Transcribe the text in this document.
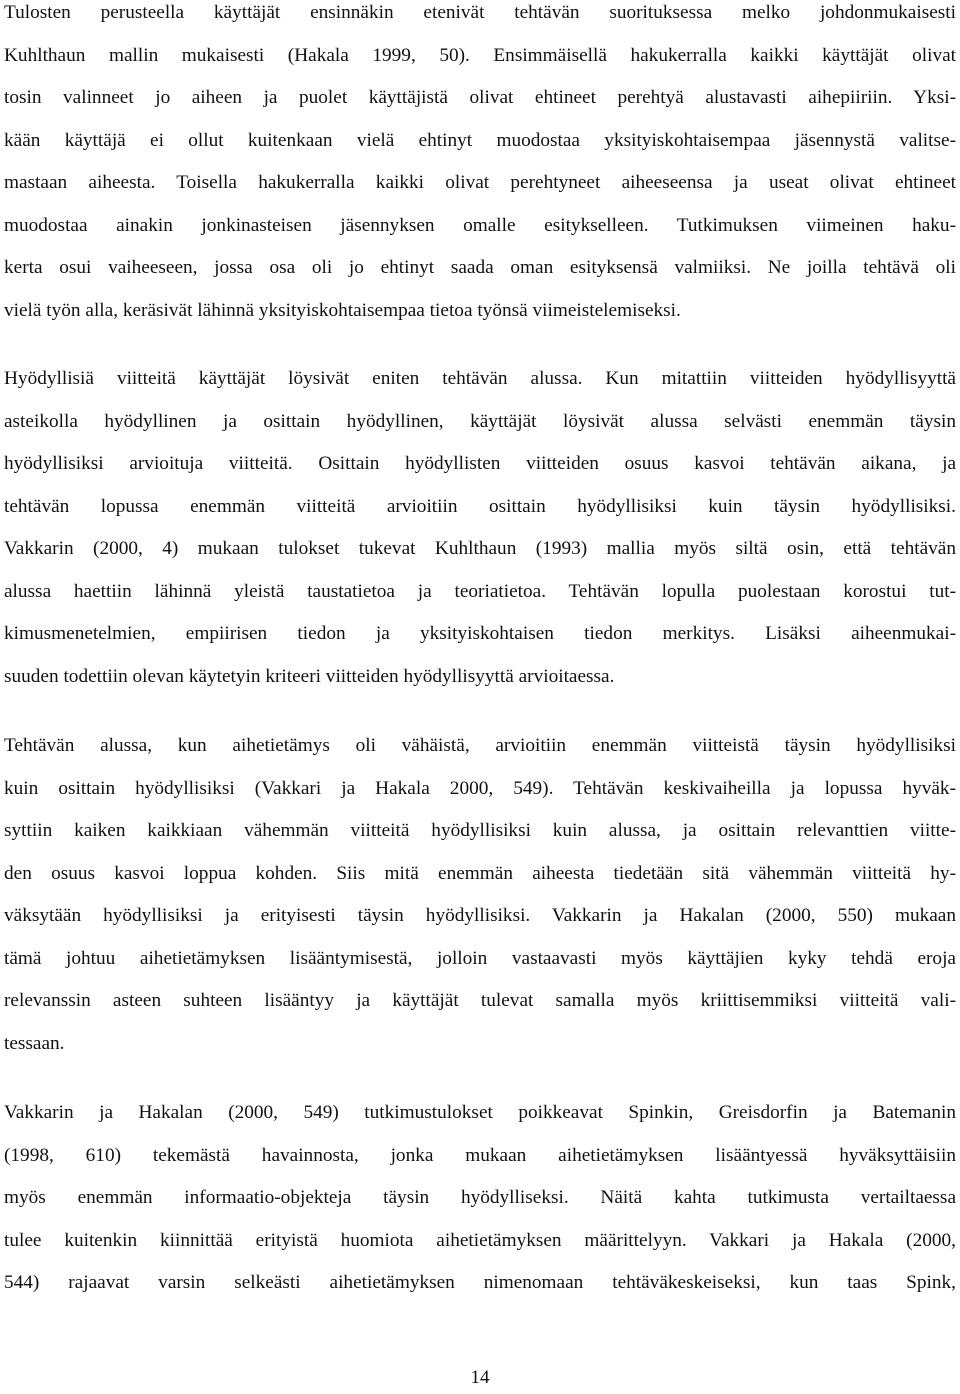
Tulosten perusteella käyttäjät ensinnäkin etenivät tehtävän suorituksessa melko johdonmukaisesti
Kuhlthaun mallin mukaisesti (Hakala 1999, 50). Ensimmäisellä hakukerralla kaikki käyttäjät olivat
tosin valinneet jo aiheen ja puolet käyttäjistä olivat ehtineet perehtyä alustavasti aihepiiriin. Yksi-
kään käyttäjä ei ollut kuitenkaan vielä ehtinyt muodostaa yksityiskohtaisempaa jäsennystä valitse-
mastaan aiheesta. Toisella hakukerralla kaikki olivat perehtyneet aiheeseensa ja useat olivat ehtineet
muodostaa ainakin jonkinasteisen jäsennyksen omalle esitykselleen. Tutkimuksen viimeinen haku-
kerta osui vaiheeseen, jossa osa oli jo ehtinyt saada oman esityksensä valmiiksi. Ne joilla tehtävä oli
vielä työn alla, keräsivät lähinnä yksityiskohtaisempaa tietoa työnsä viimeistelemiseksi.
Hyödyllisiä viitteitä käyttäjät löysivät eniten tehtävän alussa. Kun mitattiin viitteiden hyödyllisyyttä
asteikolla hyödyllinen ja osittain hyödyllinen, käyttäjät löysivät alussa selvästi enemmän täysin
hyödyllisiksi arvioituja viitteitä. Osittain hyödyllisten viitteiden osuus kasvoi tehtävän aikana, ja
tehtävän lopussa enemmän viitteitä arvioitiin osittain hyödyllisiksi kuin täysin hyödyllisiksi.
Vakkarin (2000, 4) mukaan tulokset tukevat Kuhlthaun (1993) mallia myös siltä osin, että tehtävän
alussa haettiin lähinnä yleistä taustatietoa ja teoriatietoa. Tehtävän lopulla puolestaan korostui tut-
kimusmenetelmien, empiirisen tiedon ja yksityiskohtaisen tiedon merkitys. Lisäksi aiheenmukai-
suuden todettiin olevan käytetyin kriteeri viitteiden hyödyllisyyttä arvioitaessa.
Tehtävän alussa, kun aihetietämys oli vähäistä, arvioitiin enemmän viitteistä täysin hyödyllisiksi
kuin osittain hyödyllisiksi (Vakkari ja Hakala 2000, 549). Tehtävän keskivaiheilla ja lopussa hyväk-
syttiin kaiken kaikkiaan vähemmän viitteitä hyödyllisiksi kuin alussa, ja osittain relevanttien viitte-
den osuus kasvoi loppua kohden. Siis mitä enemmän aiheesta tiedetään sitä vähemmän viitteitä hy-
väksytään hyödyllisiksi ja erityisesti täysin hyödyllisiksi. Vakkarin ja Hakalan (2000, 550) mukaan
tämä johtuu aihetietämyksen lisääntymisestä, jolloin vastaavasti myös käyttäjien kyky tehdä eroja
relevanssin asteen suhteen lisääntyy ja käyttäjät tulevat samalla myös kriittisemmiksi viitteitä vali-
tessaan.
Vakkarin ja Hakalan (2000, 549) tutkimustulokset poikkeavat Spinkin, Greisdorfin ja Batemanin
(1998, 610) tekemästä havainnosta, jonka mukaan aihetietämyksen lisääntyessä hyväksyttäisiin
myös enemmän informaatio-objekteja täysin hyödylliseksi. Näitä kahta tutkimusta vertailtaessa
tulee kuitenkin kiinnittää erityistä huomiota aihetietämyksen määrittelyyn. Vakkari ja Hakala (2000,
544) rajaavat varsin selkeästi aihetietämyksen nimenomaan tehtäväkeskeiseksi, kun taas Spink,
14
